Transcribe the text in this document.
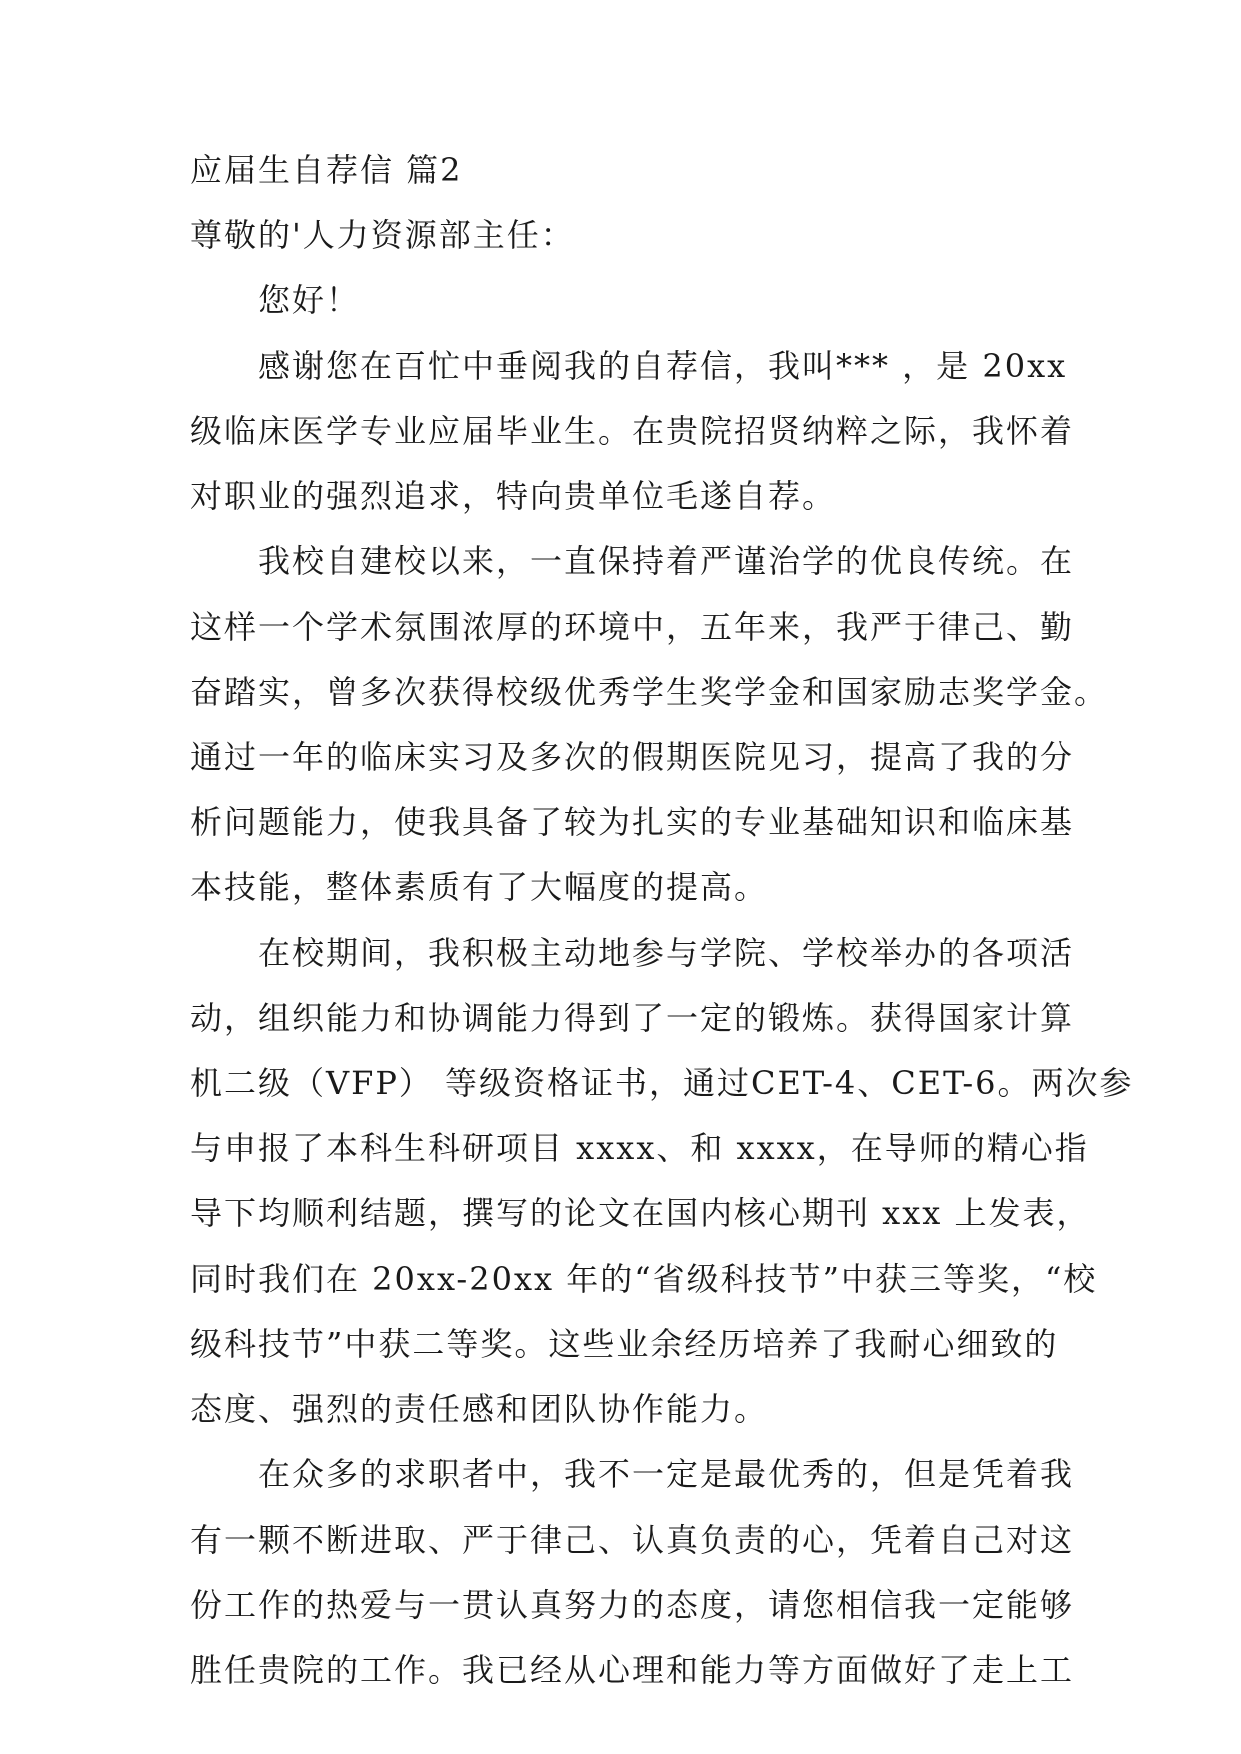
应届生自荐信 篇2
尊敬的'人力资源部主任：
您好！
感谢您在百忙中垂阅我的自荐信，我叫*** ，是 20xx
级临床医学专业应届毕业生。在贵院招贤纳粹之际，我怀着
对职业的强烈追求，特向贵单位毛遂自荐。
我校自建校以来，一直保持着严谨治学的优良传统。在
这样一个学术氛围浓厚的环境中，五年来，我严于律己、勤
奋踏实，曾多次获得校级优秀学生奖学金和国家励志奖学金。
通过一年的临床实习及多次的假期医院见习，提高了我的分
析问题能力，使我具备了较为扎实的专业基础知识和临床基
本技能，整体素质有了大幅度的提高。
在校期间，我积极主动地参与学院、学校举办的各项活
动，组织能力和协调能力得到了一定的锻炼。获得国家计算
机二级（VFP） 等级资格证书，通过CET-4、CET-6。两次参
与申报了本科生科研项目 xxxx、和 xxxx，在导师的精心指
导下均顺利结题，撰写的论文在国内核心期刊 xxx 上发表，
同时我们在 20xx-20xx 年的“省级科技节”中获三等奖，“校
级科技节”中获二等奖。这些业余经历培养了我耐心细致的
态度、强烈的责任感和团队协作能力。
在众多的求职者中，我不一定是最优秀的，但是凭着我
有一颗不断进取、严于律己、认真负责的心，凭着自己对这
份工作的热爱与一贯认真努力的态度，请您相信我一定能够
胜任贵院的工作。我已经从心理和能力等方面做好了走上工
